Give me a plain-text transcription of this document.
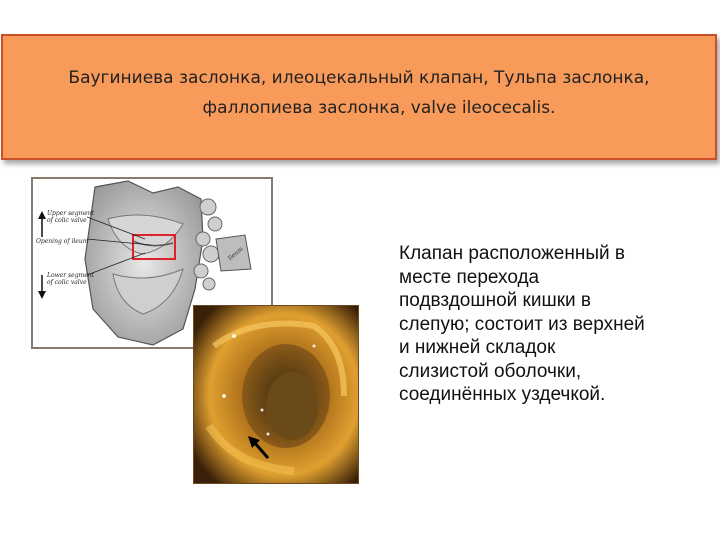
Баугиниева заслонка, илеоцекальный клапан, Тульпа заслонка,
фаллопиева заслонка, valve ileocecalis.
Ileum
Upper segment
of colic valve
Opening of ileum
Lower segment
of colic valve
Клапан расположенный в
месте перехода
подвздошной кишки в
слепую; состоит из верхней
и нижней складок
слизистой оболочки,
соединённых уздечкой.
